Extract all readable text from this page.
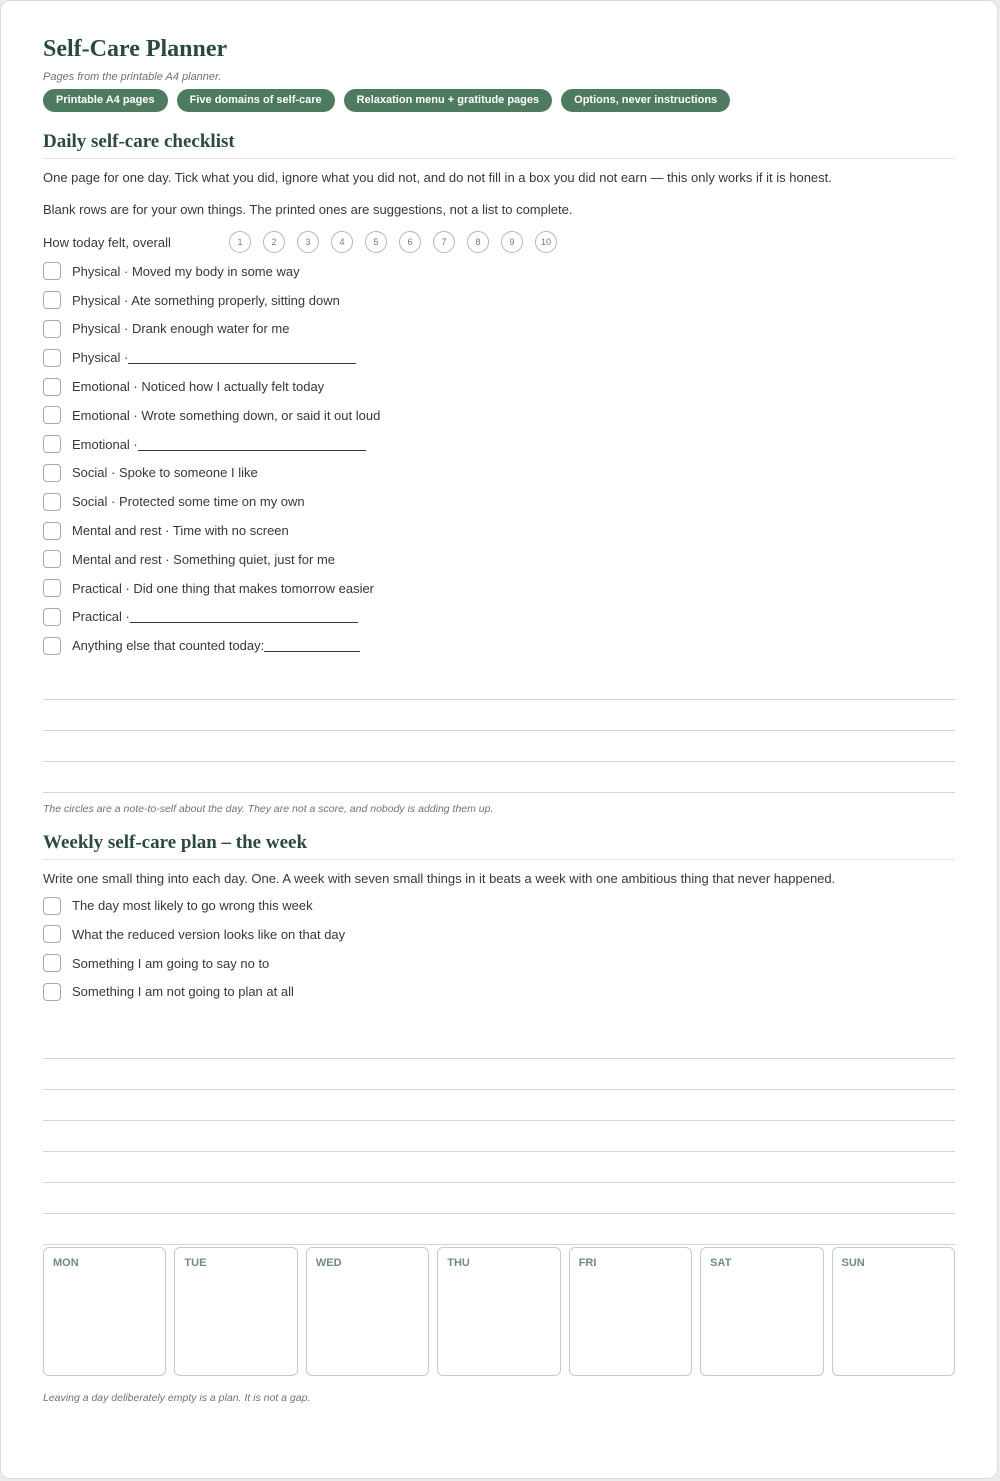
Self-Care Planner
Pages from the printable A4 planner.
Printable A4 pages	Five domains of self-care	Relaxation menu + gratitude pages	Options, never instructions
Daily self-care checklist
One page for one day. Tick what you did, ignore what you did not, and do not fill in a box you did not earn — this only works if it is honest.
Blank rows are for your own things. The printed ones are suggestions, not a list to complete.
How today felt, overall	1	2	3	4	5	6	7	8	9	10
Physical · Moved my body in some way
Physical · Ate something properly, sitting down
Physical · Drank enough water for me
Physical ·
Emotional · Noticed how I actually felt today
Emotional · Wrote something down, or said it out loud
Emotional ·
Social · Spoke to someone I like
Social · Protected some time on my own
Mental and rest · Time with no screen
Mental and rest · Something quiet, just for me
Practical · Did one thing that makes tomorrow easier
Practical ·
Anything else that counted today:
The circles are a note-to-self about the day. They are not a score, and nobody is adding them up.
Weekly self-care plan – the week
Write one small thing into each day. One. A week with seven small things in it beats a week with one ambitious thing that never happened.
The day most likely to go wrong this week
What the reduced version looks like on that day
Something I am going to say no to
Something I am not going to plan at all
MON	TUE	WED	THU	FRI	SAT	SUN
Leaving a day deliberately empty is a plan. It is not a gap.
